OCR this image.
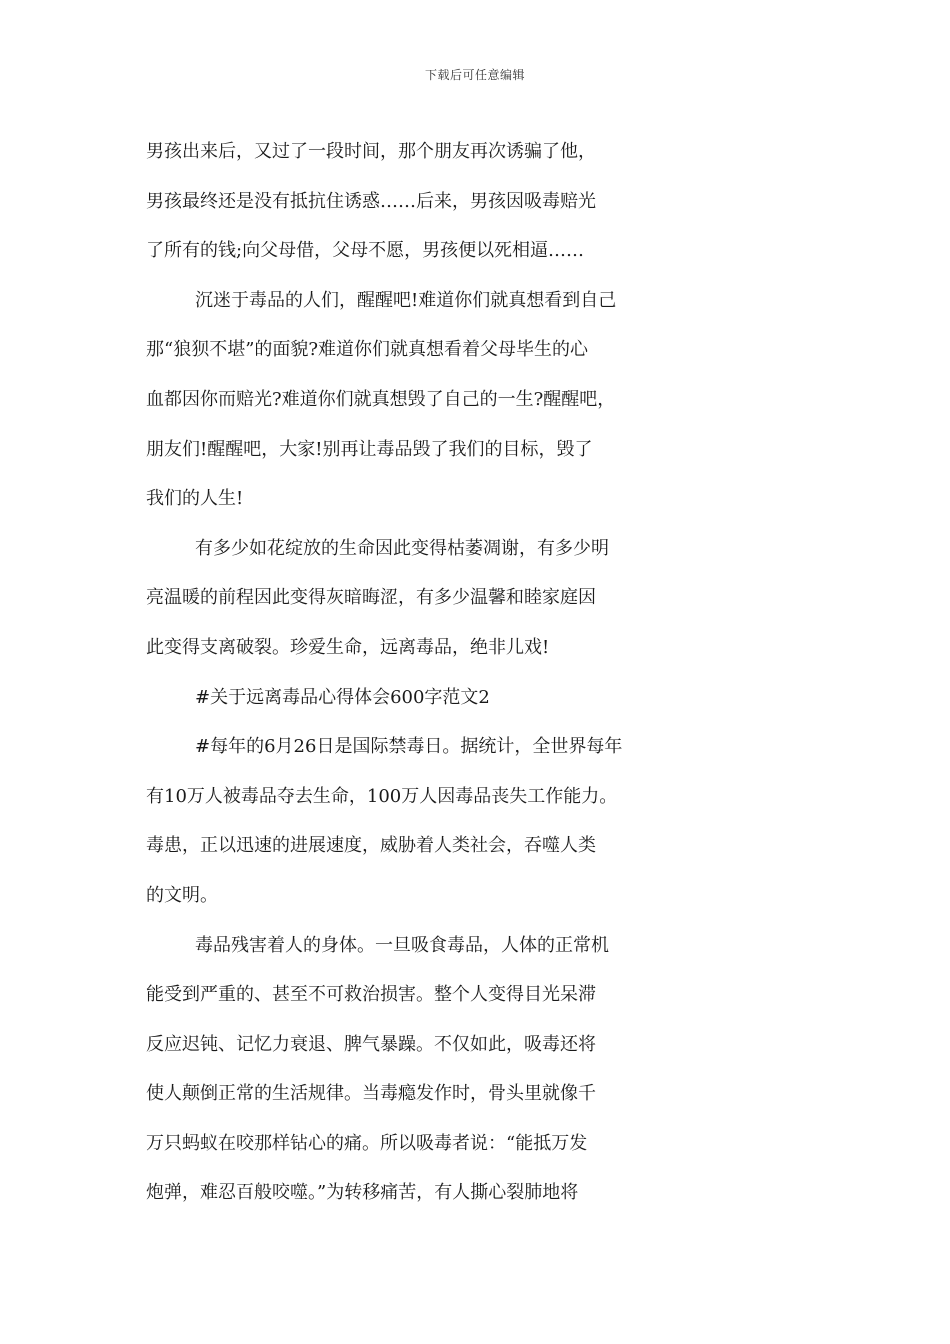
下载后可任意编辑
男孩出来后，又过了一段时间，那个朋友再次诱骗了他，
男孩最终还是没有抵抗住诱惑……后来，男孩因吸毒赔光
了所有的钱;向父母借，父母不愿，男孩便以死相逼……
沉迷于毒品的人们，醒醒吧!难道你们就真想看到自己
那“狼狈不堪”的面貌?难道你们就真想看着父母毕生的心
血都因你而赔光?难道你们就真想毁了自己的一生?醒醒吧，
朋友们!醒醒吧，大家!别再让毒品毁了我们的目标，毁了
我们的人生!
有多少如花绽放的生命因此变得枯萎凋谢，有多少明
亮温暖的前程因此变得灰暗晦涩，有多少温馨和睦家庭因
此变得支离破裂。珍爱生命，远离毒品，绝非儿戏!
#关于远离毒品心得体会600字范文2
#每年的6月26日是国际禁毒日。据统计，全世界每年
有10万人被毒品夺去生命，100万人因毒品丧失工作能力。
毒患，正以迅速的进展速度，威胁着人类社会，吞噬人类
的文明。
毒品残害着人的身体。一旦吸食毒品，人体的正常机
能受到严重的、甚至不可救治损害。整个人变得目光呆滞
反应迟钝、记忆力衰退、脾气暴躁。不仅如此，吸毒还将
使人颠倒正常的生活规律。当毒瘾发作时，骨头里就像千
万只蚂蚁在咬那样钻心的痛。所以吸毒者说：“能抵万发
炮弹，难忍百般咬噬。”为转移痛苦，有人撕心裂肺地将
